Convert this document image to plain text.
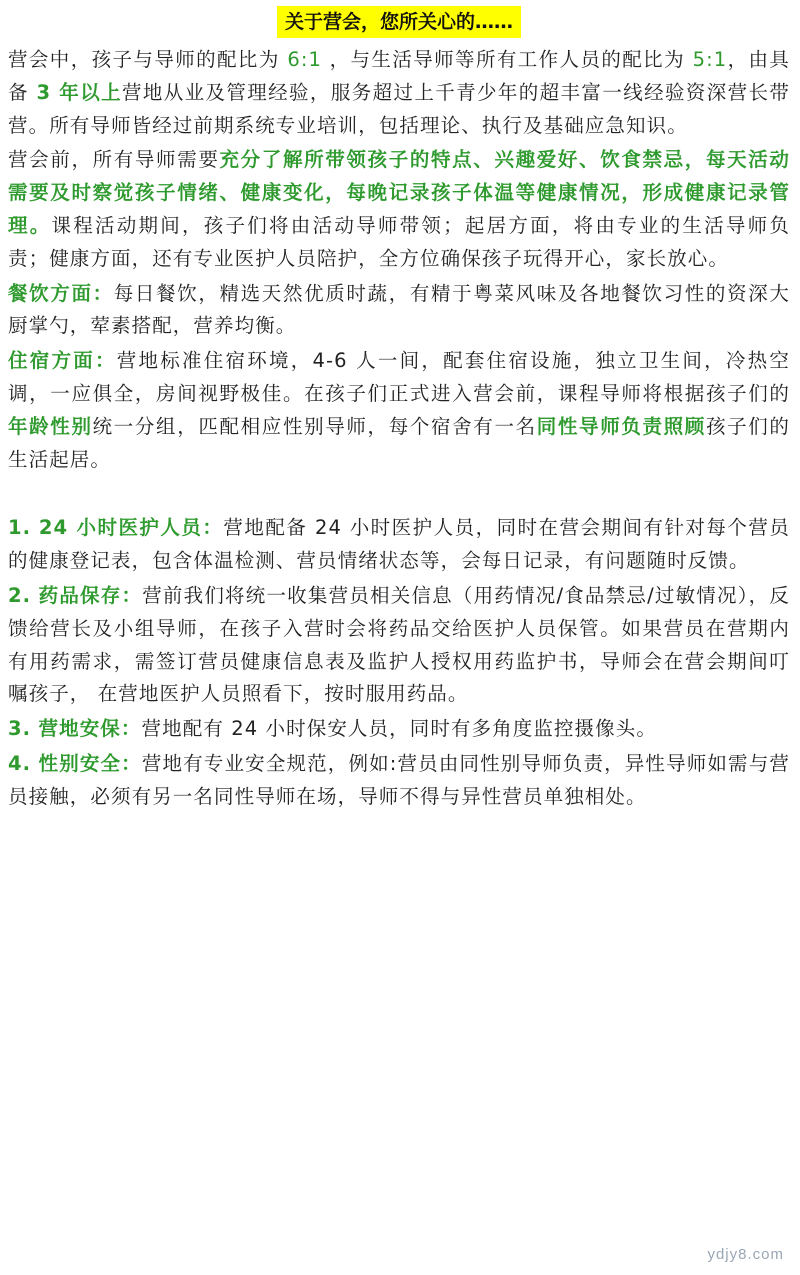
关于营会，您所关心的……

营会中，孩子与导师的配比为 6:1 ，与生活导师等所有工作人员的配比为 5:1，由具备 3 年以上营地从业及管理经验，服务超过上千青少年的超丰富一线经验资深营长带营。所有导师皆经过前期系统专业培训，包括理论、执行及基础应急知识。

营会前，所有导师需要充分了解所带领孩子的特点、兴趣爱好、饮食禁忌，每天活动需要及时察觉孩子情绪、健康变化，每晚记录孩子体温等健康情况，形成健康记录管理。课程活动期间，孩子们将由活动导师带领；起居方面，将由专业的生活导师负责；健康方面，还有专业医护人员陪护，全方位确保孩子玩得开心，家长放心。

餐饮方面：每日餐饮，精选天然优质时蔬，有精于粤菜风味及各地餐饮习性的资深大厨掌勺，荤素搭配，营养均衡。

住宿方面：营地标准住宿环境，4-6 人一间，配套住宿设施，独立卫生间，冷热空调，一应俱全，房间视野极佳。在孩子们正式进入营会前，课程导师将根据孩子们的年龄性别统一分组，匹配相应性别导师，每个宿舍有一名同性导师负责照顾孩子们的生活起居。

1. 24 小时医护人员：营地配备 24 小时医护人员，同时在营会期间有针对每个营员的健康登记表，包含体温检测、营员情绪状态等，会每日记录，有问题随时反馈。

2. 药品保存：营前我们将统一收集营员相关信息（用药情况/食品禁忌/过敏情况），反馈给营长及小组导师，在孩子入营时会将药品交给医护人员保管。如果营员在营期内有用药需求，需签订营员健康信息表及监护人授权用药监护书，导师会在营会期间叮嘱孩子， 在营地医护人员照看下，按时服用药品。

3. 营地安保：营地配有 24 小时保安人员，同时有多角度监控摄像头。

4. 性别安全：营地有专业安全规范，例如:营员由同性别导师负责，异性导师如需与营员接触，必须有另一名同性导师在场，导师不得与异性营员单独相处。

ydjy8.com
